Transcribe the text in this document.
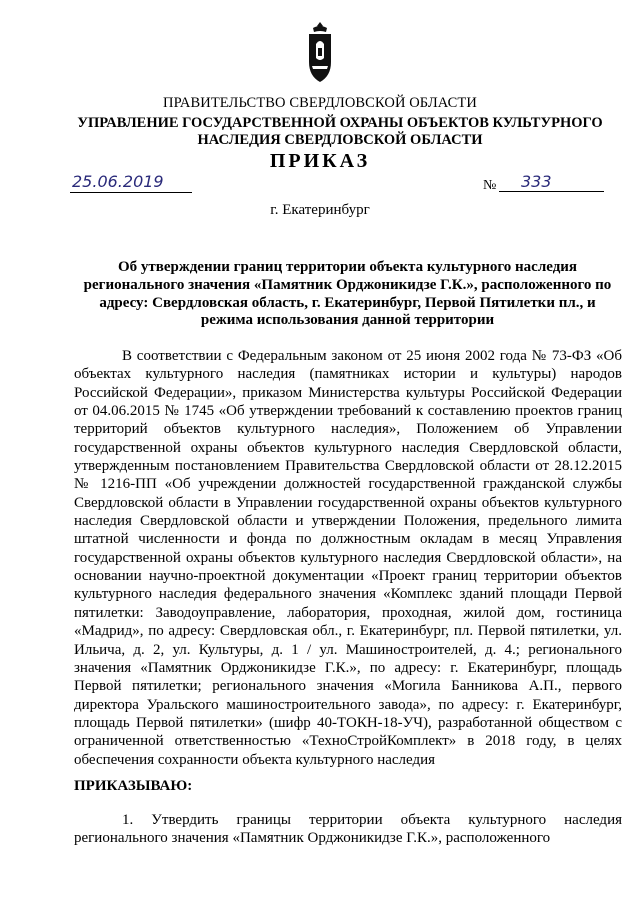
ПРАВИТЕЛЬСТВО СВЕРДЛОВСКОЙ ОБЛАСТИ
УПРАВЛЕНИЕ ГОСУДАРСТВЕННОЙ ОХРАНЫ ОБЪЕКТОВ КУЛЬТУРНОГО НАСЛЕДИЯ СВЕРДЛОВСКОЙ ОБЛАСТИ
ПРИКАЗ
25.06.2019	№	333
г. Екатеринбург
Об утверждении границ территории объекта культурного наследия регионального значения «Памятник Орджоникидзе Г.К.», расположенного по адресу: Свердловская область, г. Екатеринбург, Первой Пятилетки пл., и режима использования данной территории

В соответствии с Федеральным законом от 25 июня 2002 года № 73-ФЗ «Об объектах культурного наследия (памятниках истории и культуры) народов Российской Федерации», приказом Министерства культуры Российской Федерации от 04.06.2015 № 1745 «Об утверждении требований к составлению проектов границ территорий объектов культурного наследия», Положением об Управлении государственной охраны объектов культурного наследия Свердловской области, утвержденным постановлением Правительства Свердловской области от 28.12.2015 № 1216-ПП «Об учреждении должностей государственной гражданской службы Свердловской области в Управлении государственной охраны объектов культурного наследия Свердловской области и утверждении Положения, предельного лимита штатной численности и фонда по должностным окладам в месяц Управления государственной охраны объектов культурного наследия Свердловской области», на основании научно-проектной документации «Проект границ территории объектов культурного наследия федерального значения «Комплекс зданий площади Первой пятилетки: Заводоуправление, лаборатория, проходная, жилой дом, гостиница «Мадрид», по адресу: Свердловская обл., г. Екатеринбург, пл. Первой пятилетки, ул. Ильича, д. 2, ул. Культуры, д. 1 / ул. Машиностроителей, д. 4.; регионального значения «Памятник Орджоникидзе Г.К.», по адресу: г. Екатеринбург, площадь Первой пятилетки; регионального значения «Могила Банникова А.П., первого директора Уральского машиностроительного завода», по адресу: г. Екатеринбург, площадь Первой пятилетки» (шифр 40-ТОКН-18-УЧ), разработанной обществом с ограниченной ответственностью «ТехноСтройКомплект» в 2018 году, в целях обеспечения сохранности объекта культурного наследия

ПРИКАЗЫВАЮ:

1. Утвердить границы территории объекта культурного наследия регионального значения «Памятник Орджоникидзе Г.К.», расположенного
